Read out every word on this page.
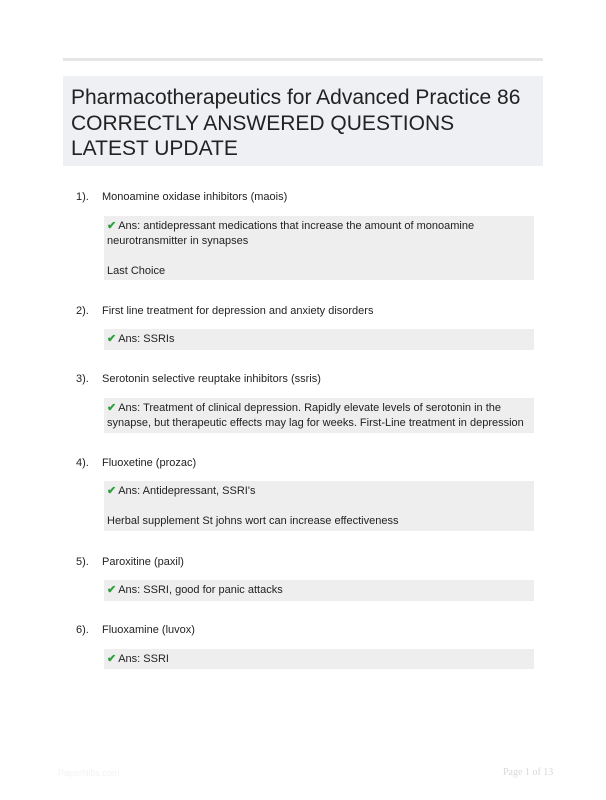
Pharmacotherapeutics for Advanced Practice 86 CORRECTLY ANSWERED QUESTIONS LATEST UPDATE
1). Monoamine oxidase inhibitors (maois)
✔ Ans: antidepressant medications that increase the amount of monoamine neurotransmitter in synapses
Last Choice
2). First line treatment for depression and anxiety disorders
✔ Ans: SSRIs
3). Serotonin selective reuptake inhibitors (ssris)
✔ Ans: Treatment of clinical depression. Rapidly elevate levels of serotonin in the synapse, but therapeutic effects may lag for weeks. First-Line treatment in depression
4). Fluoxetine (prozac)
✔ Ans: Antidepressant, SSRI's
Herbal supplement St johns wort can increase effectiveness
5). Paroxitine (paxil)
✔ Ans: SSRI, good for panic attacks
6). Fluoxamine (luvox)
✔ Ans: SSRI
PaperNibs.com	Page 1 of 13
